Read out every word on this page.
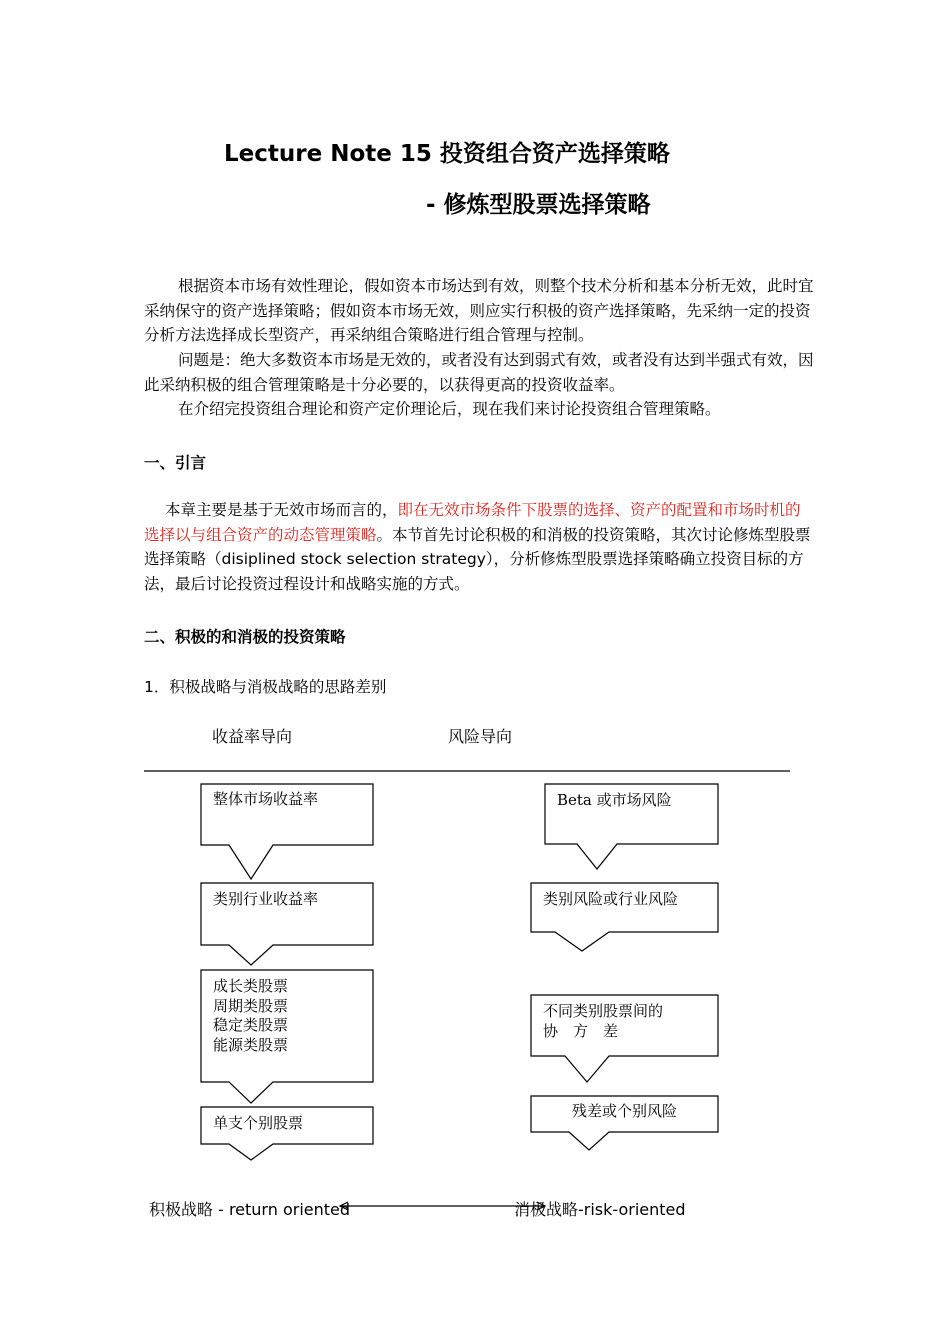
Lecture Note 15 投资组合资产选择策略
- 修炼型股票选择策略
根据资本市场有效性理论，假如资本市场达到有效，则整个技术分析和基本分析无效，此时宜采纳保守的资产选择策略；假如资本市场无效，则应实行积极的资产选择策略，先采纳一定的投资分析方法选择成长型资产，再采纳组合策略进行组合管理与控制。
问题是：绝大多数资本市场是无效的，或者没有达到弱式有效，或者没有达到半强式有效，因此采纳积极的组合管理策略是十分必要的，以获得更高的投资收益率。
在介绍完投资组合理论和资产定价理论后，现在我们来讨论投资组合管理策略。
一、引言
本章主要是基于无效市场而言的，即在无效市场条件下股票的选择、资产的配置和市场时机的选择以与组合资产的动态管理策略。本节首先讨论积极的和消极的投资策略，其次讨论修炼型股票选择策略（disiplined stock selection strategy），分析修炼型股票选择策略确立投资目标的方法，最后讨论投资过程设计和战略实施的方式。
二、积极的和消极的投资策略
1．积极战略与消极战略的思路差别
收益率导向	风险导向
整体市场收益率
类别行业收益率
成长类股票
周期类股票
稳定类股票
能源类股票
单支个别股票
Beta 或市场风险
类别风险或行业风险
不同类别股票间的
协　方　差
残差或个别风险
积极战略 - return oriented	消极战略-risk-oriented
